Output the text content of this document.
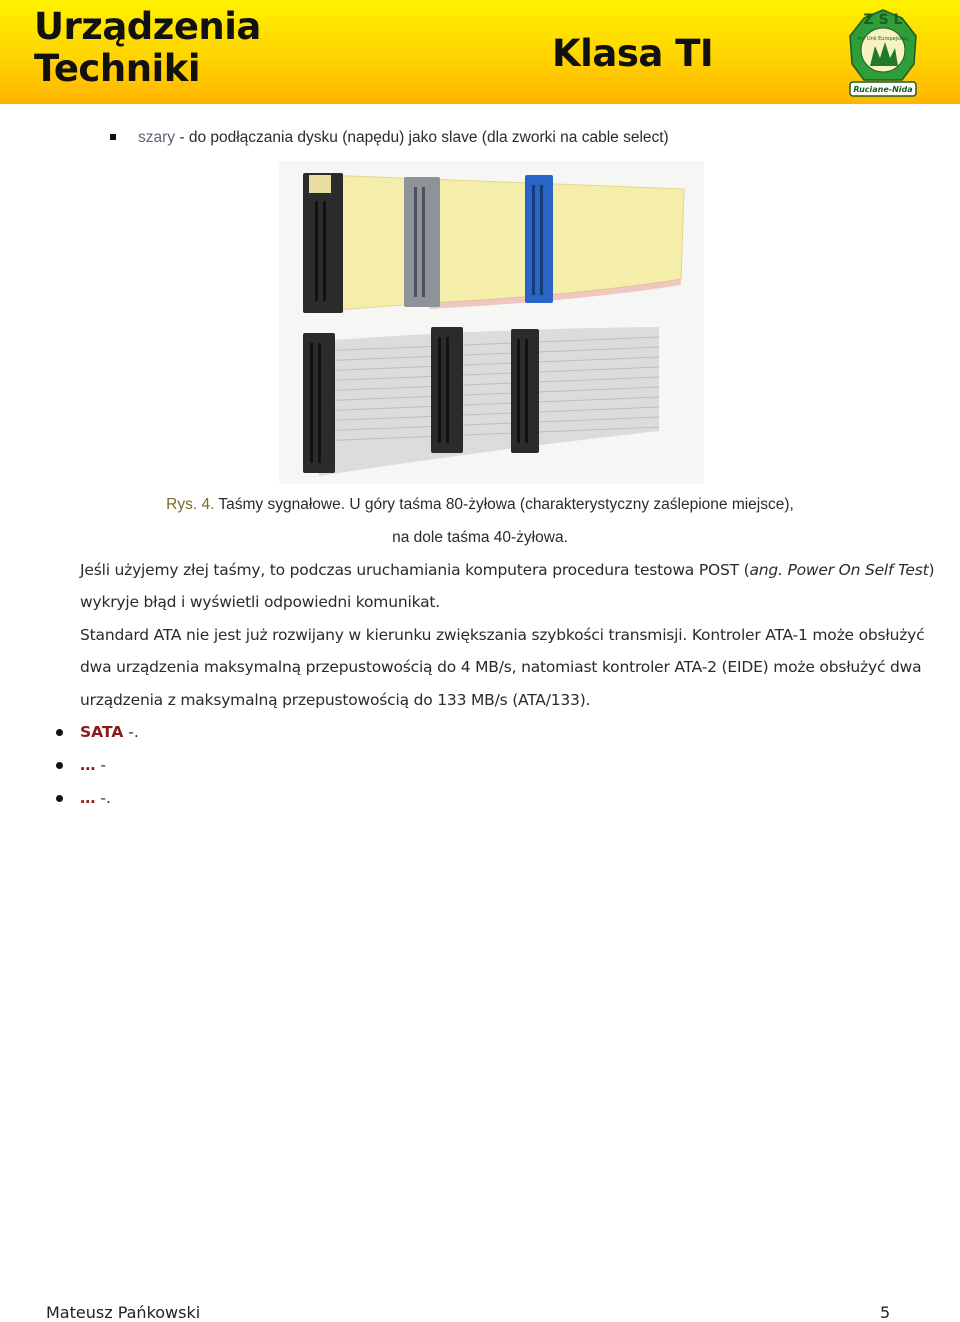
Urządzenia
Techniki	Klasa TI
Z S L
im. Unii Europejskiej
Ruciane-Nida
szary - do podłączania dysku (napędu) jako slave (dla zworki na cable select)
Rys. 4. Taśmy sygnałowe. U góry taśma 80-żyłowa (charakterystyczny zaślepione miejsce),
na dole taśma 40-żyłowa.
Jeśli użyjemy złej taśmy, to podczas uruchamiania komputera procedura testowa POST (ang. Power On Self Test)
wykryje błąd i wyświetli odpowiedni komunikat.
Standard ATA nie jest już rozwijany w kierunku zwiększania szybkości transmisji. Kontroler ATA-1 może obsłużyć
dwa urządzenia maksymalną przepustowością do 4 MB/s, natomiast kontroler ATA-2 (EIDE) może obsłużyć dwa
urządzenia z maksymalną przepustowością do 133 MB/s (ATA/133).
SATA -.
… -
… -.
Mateusz Pańkowski	5
